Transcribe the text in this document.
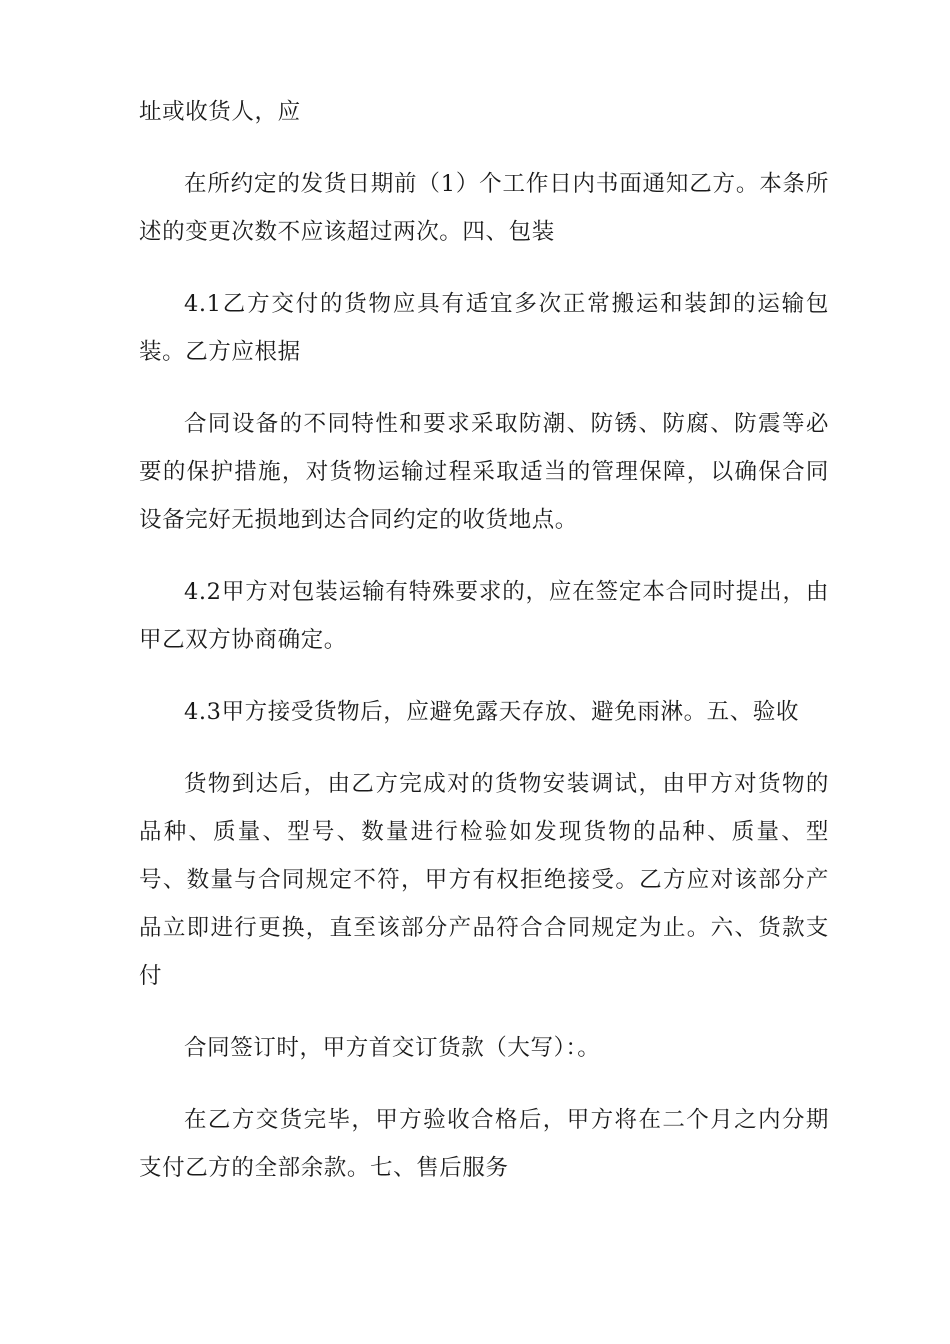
址或收货人，应

在所约定的发货日期前（1）个工作日内书面通知乙方。本条所述的变更次数不应该超过两次。四、包装

4.1乙方交付的货物应具有适宜多次正常搬运和装卸的运输包装。乙方应根据

合同设备的不同特性和要求采取防潮、防锈、防腐、防震等必要的保护措施，对货物运输过程采取适当的管理保障，以确保合同设备完好无损地到达合同约定的收货地点。

4.2甲方对包装运输有特殊要求的，应在签定本合同时提出，由甲乙双方协商确定。

4.3甲方接受货物后，应避免露天存放、避免雨淋。五、验收

货物到达后，由乙方完成对的货物安装调试，由甲方对货物的品种、质量、型号、数量进行检验如发现货物的品种、质量、型号、数量与合同规定不符，甲方有权拒绝接受。乙方应对该部分产品立即进行更换，直至该部分产品符合合同规定为止。六、货款支付

合同签订时，甲方首交订货款（大写）：。

在乙方交货完毕，甲方验收合格后，甲方将在二个月之内分期支付乙方的全部余款。七、售后服务
